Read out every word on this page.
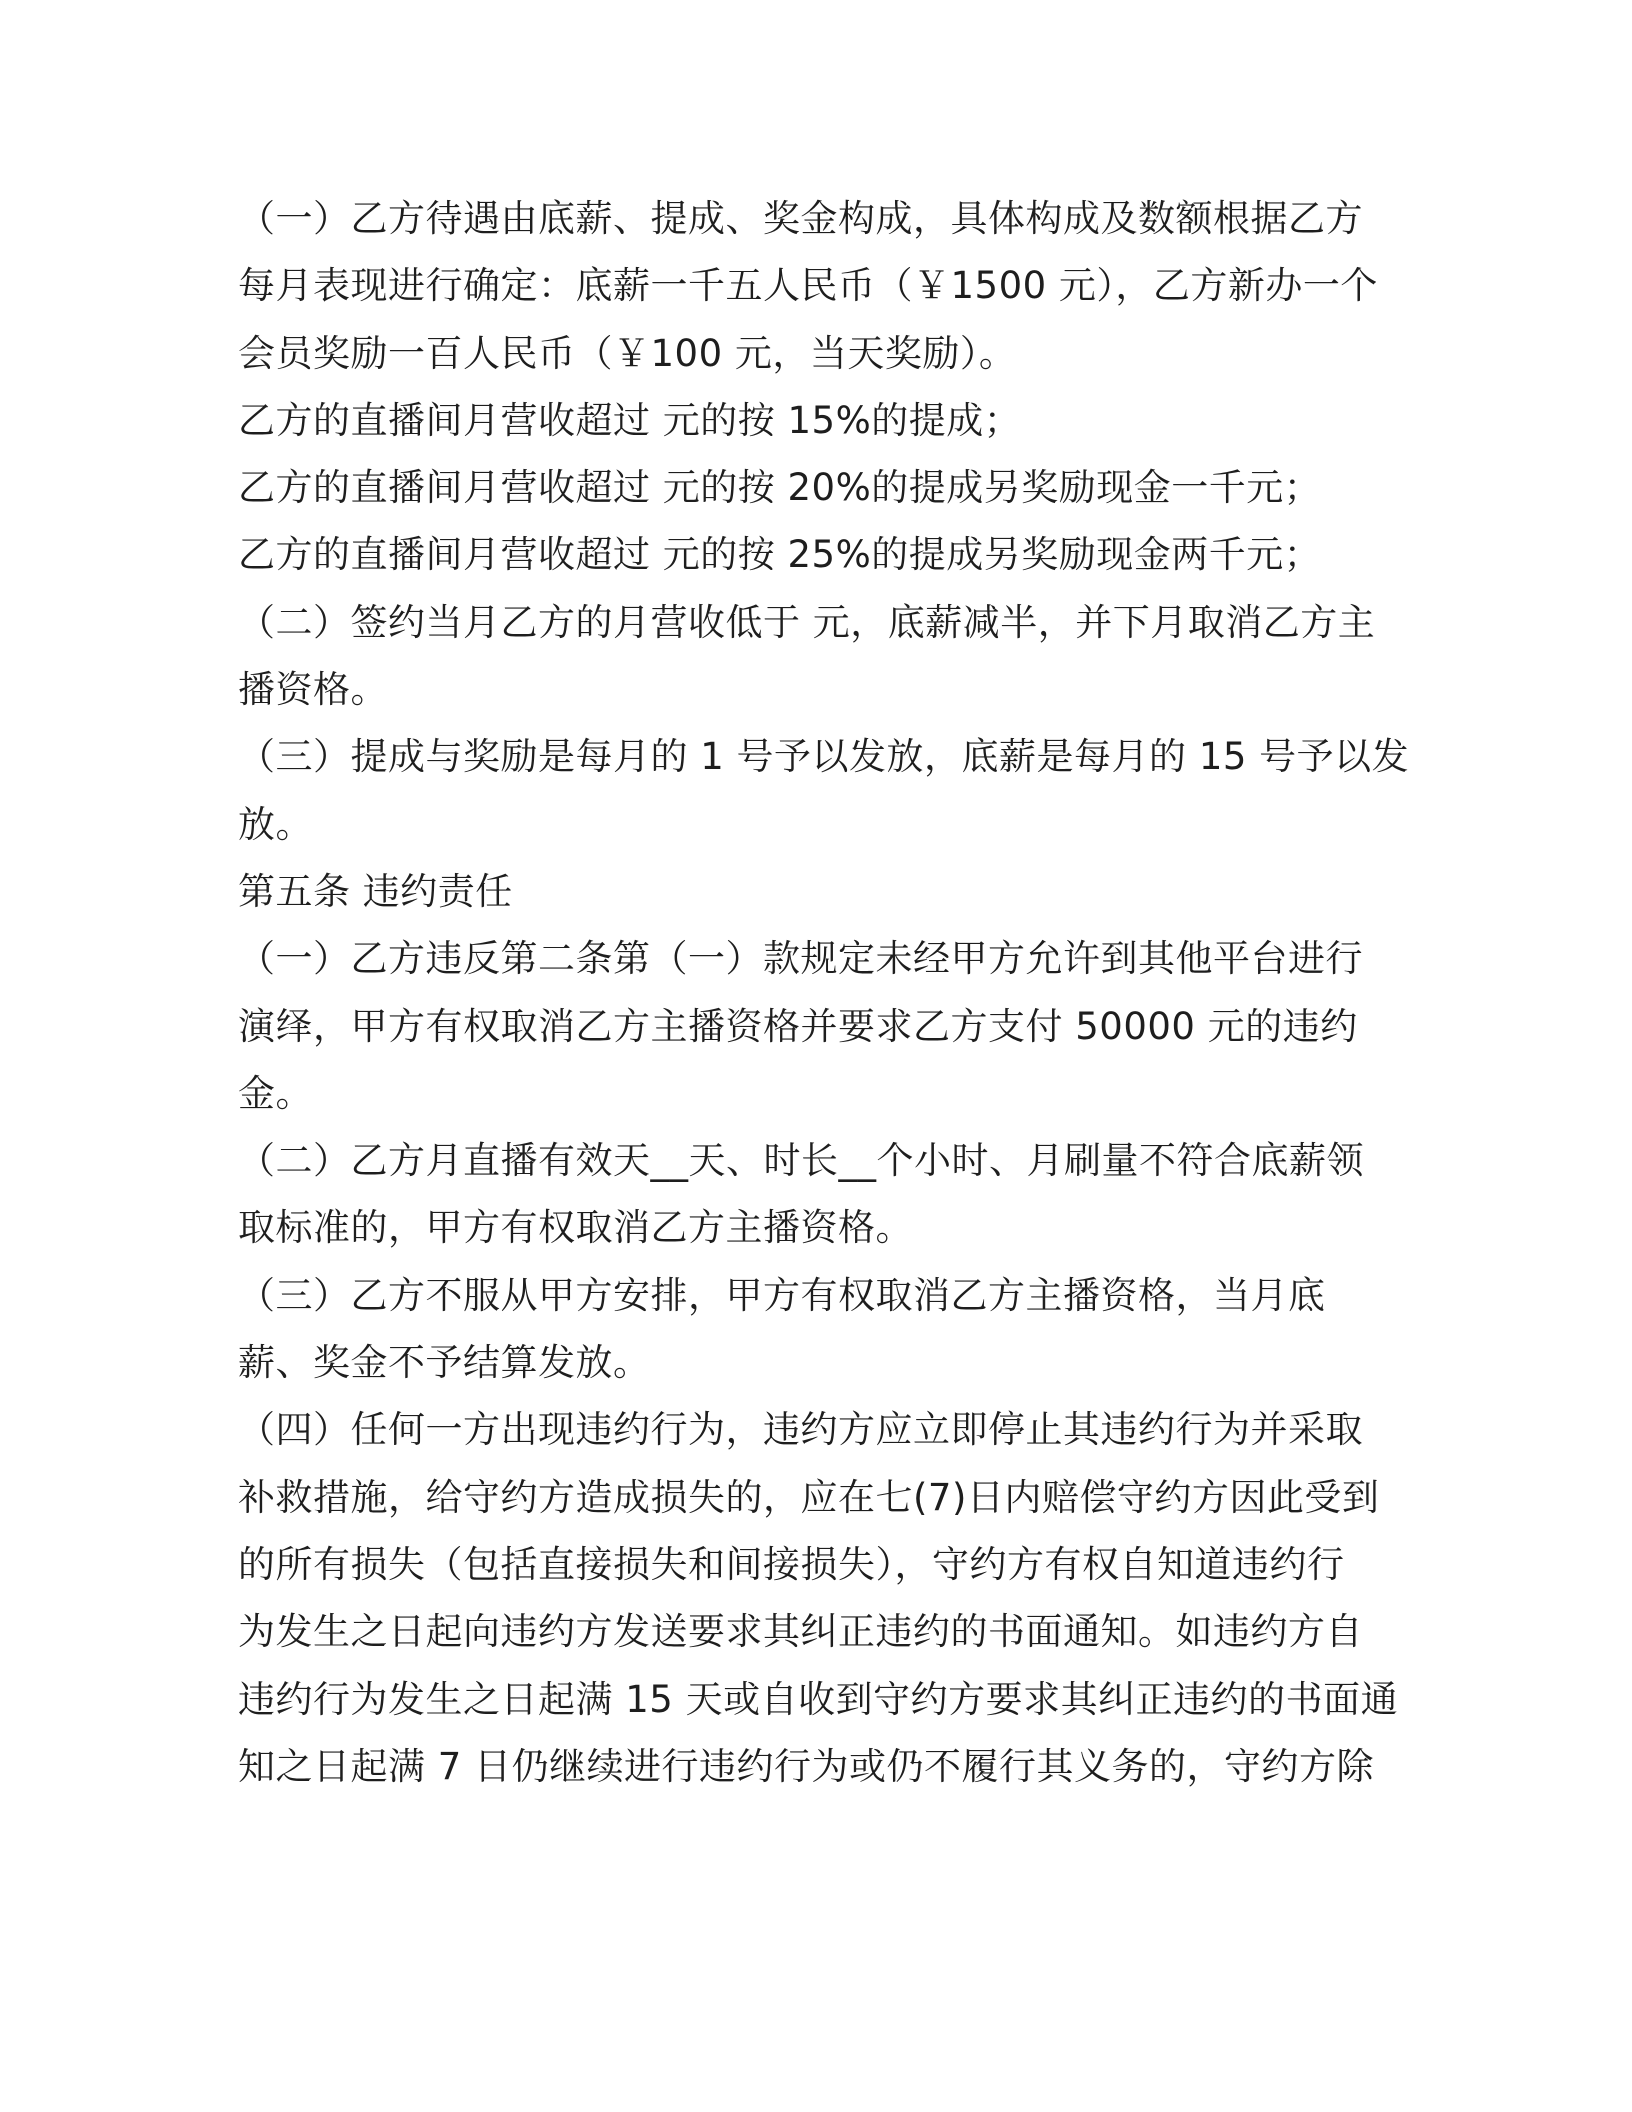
（一）乙方待遇由底薪、提成、奖金构成，具体构成及数额根据乙方
每月表现进行确定：底薪一千五人民币（￥1500 元），乙方新办一个
会员奖励一百人民币（￥100 元，当天奖励）。
乙方的直播间月营收超过 元的按 15%的提成；
乙方的直播间月营收超过 元的按 20%的提成另奖励现金一千元；
乙方的直播间月营收超过 元的按 25%的提成另奖励现金两千元；
（二）签约当月乙方的月营收低于 元，底薪减半，并下月取消乙方主
播资格。
（三）提成与奖励是每月的 1 号予以发放，底薪是每月的 15 号予以发
放。
第五条 违约责任
（一）乙方违反第二条第（一）款规定未经甲方允许到其他平台进行
演绎，甲方有权取消乙方主播资格并要求乙方支付 50000 元的违约
金。
（二）乙方月直播有效天__天、时长__个小时、月刷量不符合底薪领
取标准的，甲方有权取消乙方主播资格。
（三）乙方不服从甲方安排，甲方有权取消乙方主播资格，当月底
薪、奖金不予结算发放。
（四）任何一方出现违约行为，违约方应立即停止其违约行为并采取
补救措施，给守约方造成损失的，应在七(7)日内赔偿守约方因此受到
的所有损失（包括直接损失和间接损失），守约方有权自知道违约行
为发生之日起向违约方发送要求其纠正违约的书面通知。如违约方自
违约行为发生之日起满 15 天或自收到守约方要求其纠正违约的书面通
知之日起满 7 日仍继续进行违约行为或仍不履行其义务的，守约方除
